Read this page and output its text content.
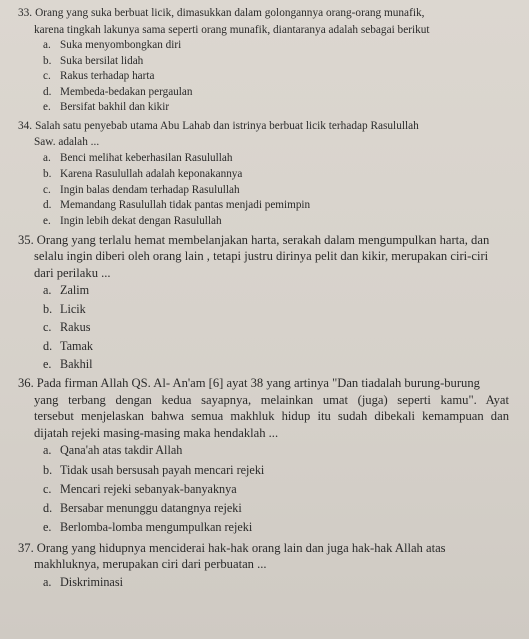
33. Orang yang suka berbuat licik, dimasukkan dalam golongannya orang-orang munafik,
karena tingkah lakunya sama seperti orang munafik, diantaranya adalah sebagai berikut

a. Suka menyombongkan diri
b. Suka bersilat lidah
c. Rakus terhadap harta
d. Membeda-bedakan pergaulan
e. Bersifat bakhil dan kikir

34. Salah satu penyebab utama Abu Lahab dan istrinya berbuat licik terhadap Rasulullah
Saw. adalah ...

a. Benci melihat keberhasilan Rasulullah
b. Karena Rasulullah adalah keponakannya
c. Ingin balas dendam terhadap Rasulullah
d. Memandang Rasulullah tidak pantas menjadi pemimpin
e. Ingin lebih dekat dengan Rasulullah

35. Orang yang terlalu hemat membelanjakan harta, serakah dalam mengumpulkan harta, dan
selalu ingin diberi oleh orang lain , tetapi justru dirinya pelit dan kikir, merupakan ciri-ciri
dari perilaku ...

a. Zalim
b. Licik
c. Rakus
d. Tamak
e. Bakhil

36. Pada firman Allah QS. Al- An'am [6] ayat 38 yang artinya "Dan tiadalah burung-burung
yang terbang dengan kedua sayapnya, melainkan umat (juga) seperti kamu". Ayat
tersebut menjelaskan bahwa semua makhluk hidup itu sudah dibekali kemampuan dan
dijatah rejeki masing-masing maka hendaklah ...

a. Qana'ah atas takdir Allah
b. Tidak usah bersusah payah mencari rejeki
c. Mencari rejeki sebanyak-banyaknya
d. Bersabar menunggu datangnya rejeki
e. Berlomba-lomba mengumpulkan rejeki

37. Orang yang hidupnya menciderai hak-hak orang lain dan juga hak-hak Allah atas
makhluknya, merupakan ciri dari perbuatan ...

a. Diskriminasi
